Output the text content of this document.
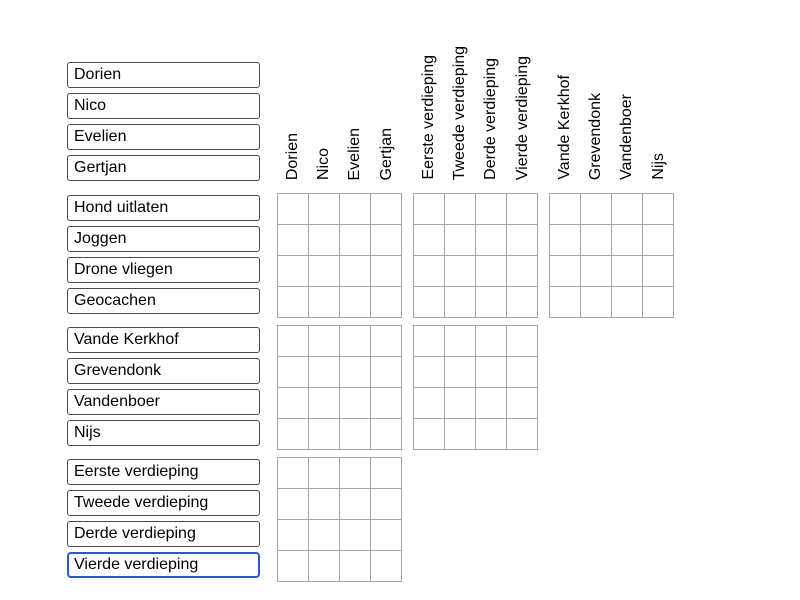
Dorien
Nico
Evelien
Gertjan	Dorien Nico Evelien Gertjan Eerste verdieping Tweede verdieping Derde verdieping Vierde verdieping Vande Kerkhof Grevendonk Vandenboer Nijs
Hond uitlaten
Joggen
Drone vliegen
Geocachen
Vande Kerkhof
Grevendonk
Vandenboer
Nijs
Eerste verdieping
Tweede verdieping
Derde verdieping
Vierde verdieping
